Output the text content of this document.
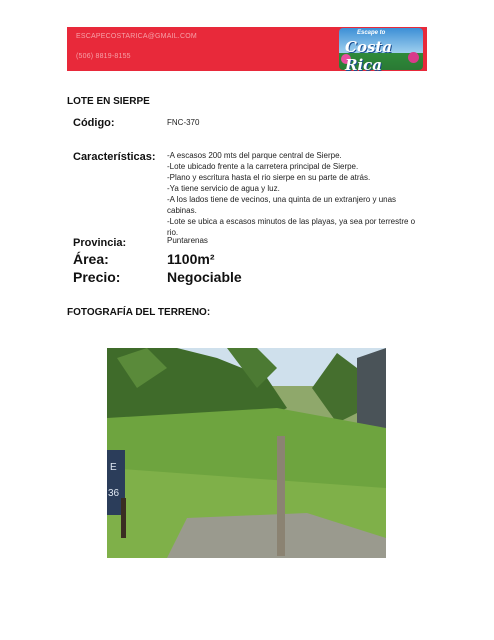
ESCAPECOSTARICA@GMAIL.COM
(506) 8819-8155
Escape to
Costa Rica
LOTE EN SIERPE
Código:	FNC-370
Características: -A escasos 200 mts del parque central de Sierpe.
-Lote ubicado frente a la carretera principal de Sierpe.
-Plano y escritura hasta el rio sierpe en su parte de atrás.
-Ya tiene servicio de agua y luz.
-A los lados tiene de vecinos, una quinta de un extranjero y unas cabinas.
-Lote se ubica a escasos minutos de las playas, ya sea por terrestre o rio.
Provincia:	Puntarenas
Área:	1100m²
Precio:	Negociable
FOTOGRAFÍA DEL TERRENO:
E
36
